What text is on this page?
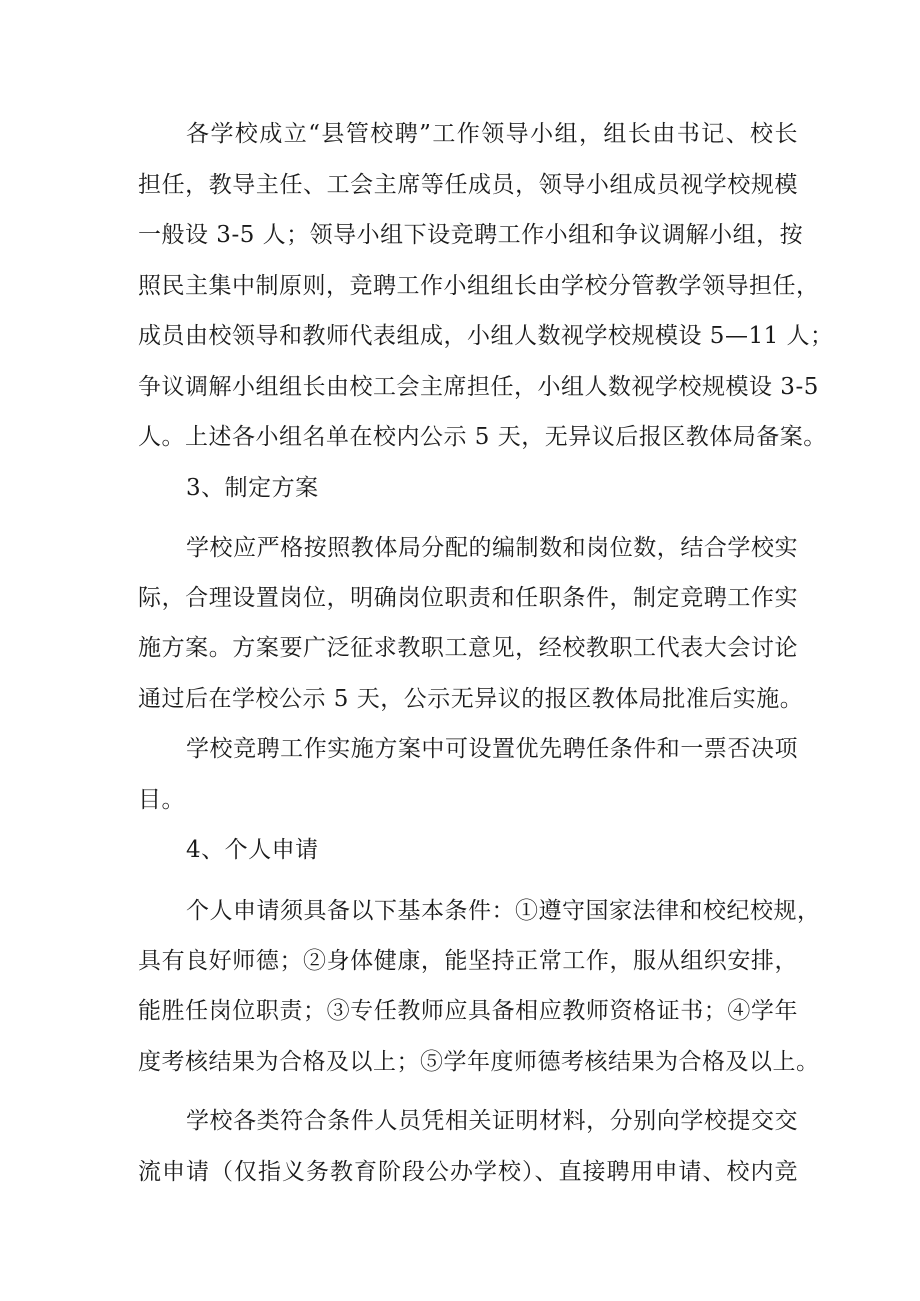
各学校成立“县管校聘”工作领导小组，组长由书记、校长
担任，教导主任、工会主席等任成员，领导小组成员视学校规模
一般设 3-5 人；领导小组下设竞聘工作小组和争议调解小组，按
照民主集中制原则，竞聘工作小组组长由学校分管教学领导担任，
成员由校领导和教师代表组成，小组人数视学校规模设 5—11 人；
争议调解小组组长由校工会主席担任，小组人数视学校规模设 3-5
人。上述各小组名单在校内公示 5 天，无异议后报区教体局备案。
3、制定方案
学校应严格按照教体局分配的编制数和岗位数，结合学校实
际，合理设置岗位，明确岗位职责和任职条件，制定竞聘工作实
施方案。方案要广泛征求教职工意见，经校教职工代表大会讨论
通过后在学校公示 5 天，公示无异议的报区教体局批准后实施。
学校竞聘工作实施方案中可设置优先聘任条件和一票否决项
目。
4、个人申请
个人申请须具备以下基本条件：①遵守国家法律和校纪校规，
具有良好师德；②身体健康，能坚持正常工作，服从组织安排，
能胜任岗位职责；③专任教师应具备相应教师资格证书；④学年
度考核结果为合格及以上；⑤学年度师德考核结果为合格及以上。
学校各类符合条件人员凭相关证明材料，分别向学校提交交
流申请（仅指义务教育阶段公办学校）、直接聘用申请、校内竞
